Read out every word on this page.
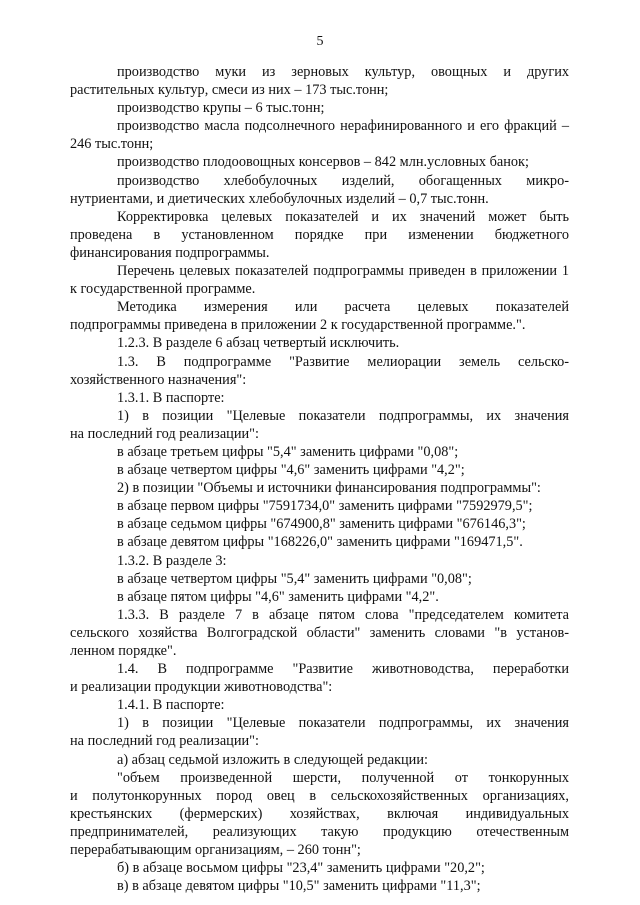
5
производство муки из зерновых культур, овощных и других
растительных культур, смеси из них – 173 тыс.тонн;
производство крупы – 6 тыс.тонн;
производство масла подсолнечного нерафинированного и его фракций –
246 тыс.тонн;
производство плодоовощных консервов – 842 млн.условных банок;
производство хлебобулочных изделий, обогащенных микро-
нутриентами, и диетических хлебобулочных изделий – 0,7 тыс.тонн.
Корректировка целевых показателей и их значений может быть
проведена в установленном порядке при изменении бюджетного
финансирования подпрограммы.
Перечень целевых показателей подпрограммы приведен в приложении 1
к государственной программе.
Методика измерения или расчета целевых показателей
подпрограммы приведена в приложении 2 к государственной программе.".
1.2.3. В разделе 6 абзац четвертый исключить.
1.3. В подпрограмме "Развитие мелиорации земель сельско-
хозяйственного назначения":
1.3.1. В паспорте:
1) в позиции "Целевые показатели подпрограммы, их значения
на последний год реализации":
в абзаце третьем цифры "5,4" заменить цифрами "0,08";
в абзаце четвертом цифры "4,6" заменить цифрами "4,2";
2) в позиции "Объемы и источники финансирования подпрограммы":
в абзаце первом цифры "7591734,0" заменить цифрами "7592979,5";
в абзаце седьмом цифры "674900,8" заменить цифрами "676146,3";
в абзаце девятом цифры "168226,0" заменить цифрами "169471,5".
1.3.2. В разделе 3:
в абзаце четвертом цифры "5,4" заменить цифрами "0,08";
в абзаце пятом цифры "4,6" заменить цифрами "4,2".
1.3.3. В разделе 7 в абзаце пятом слова "председателем комитета
сельского хозяйства Волгоградской области" заменить словами "в установ-
ленном порядке".
1.4. В подпрограмме "Развитие животноводства, переработки
и реализации продукции животноводства":
1.4.1. В паспорте:
1) в позиции "Целевые показатели подпрограммы, их значения
на последний год реализации":
а) абзац седьмой изложить в следующей редакции:
"объем произведенной шерсти, полученной от тонкорунных
и полутонкорунных пород овец в сельскохозяйственных организациях,
крестьянских (фермерских) хозяйствах, включая индивидуальных
предпринимателей, реализующих такую продукцию отечественным
перерабатывающим организациям, – 260 тонн";
б) в абзаце восьмом цифры "23,4" заменить цифрами "20,2";
в) в абзаце девятом цифры "10,5" заменить цифрами "11,3";
